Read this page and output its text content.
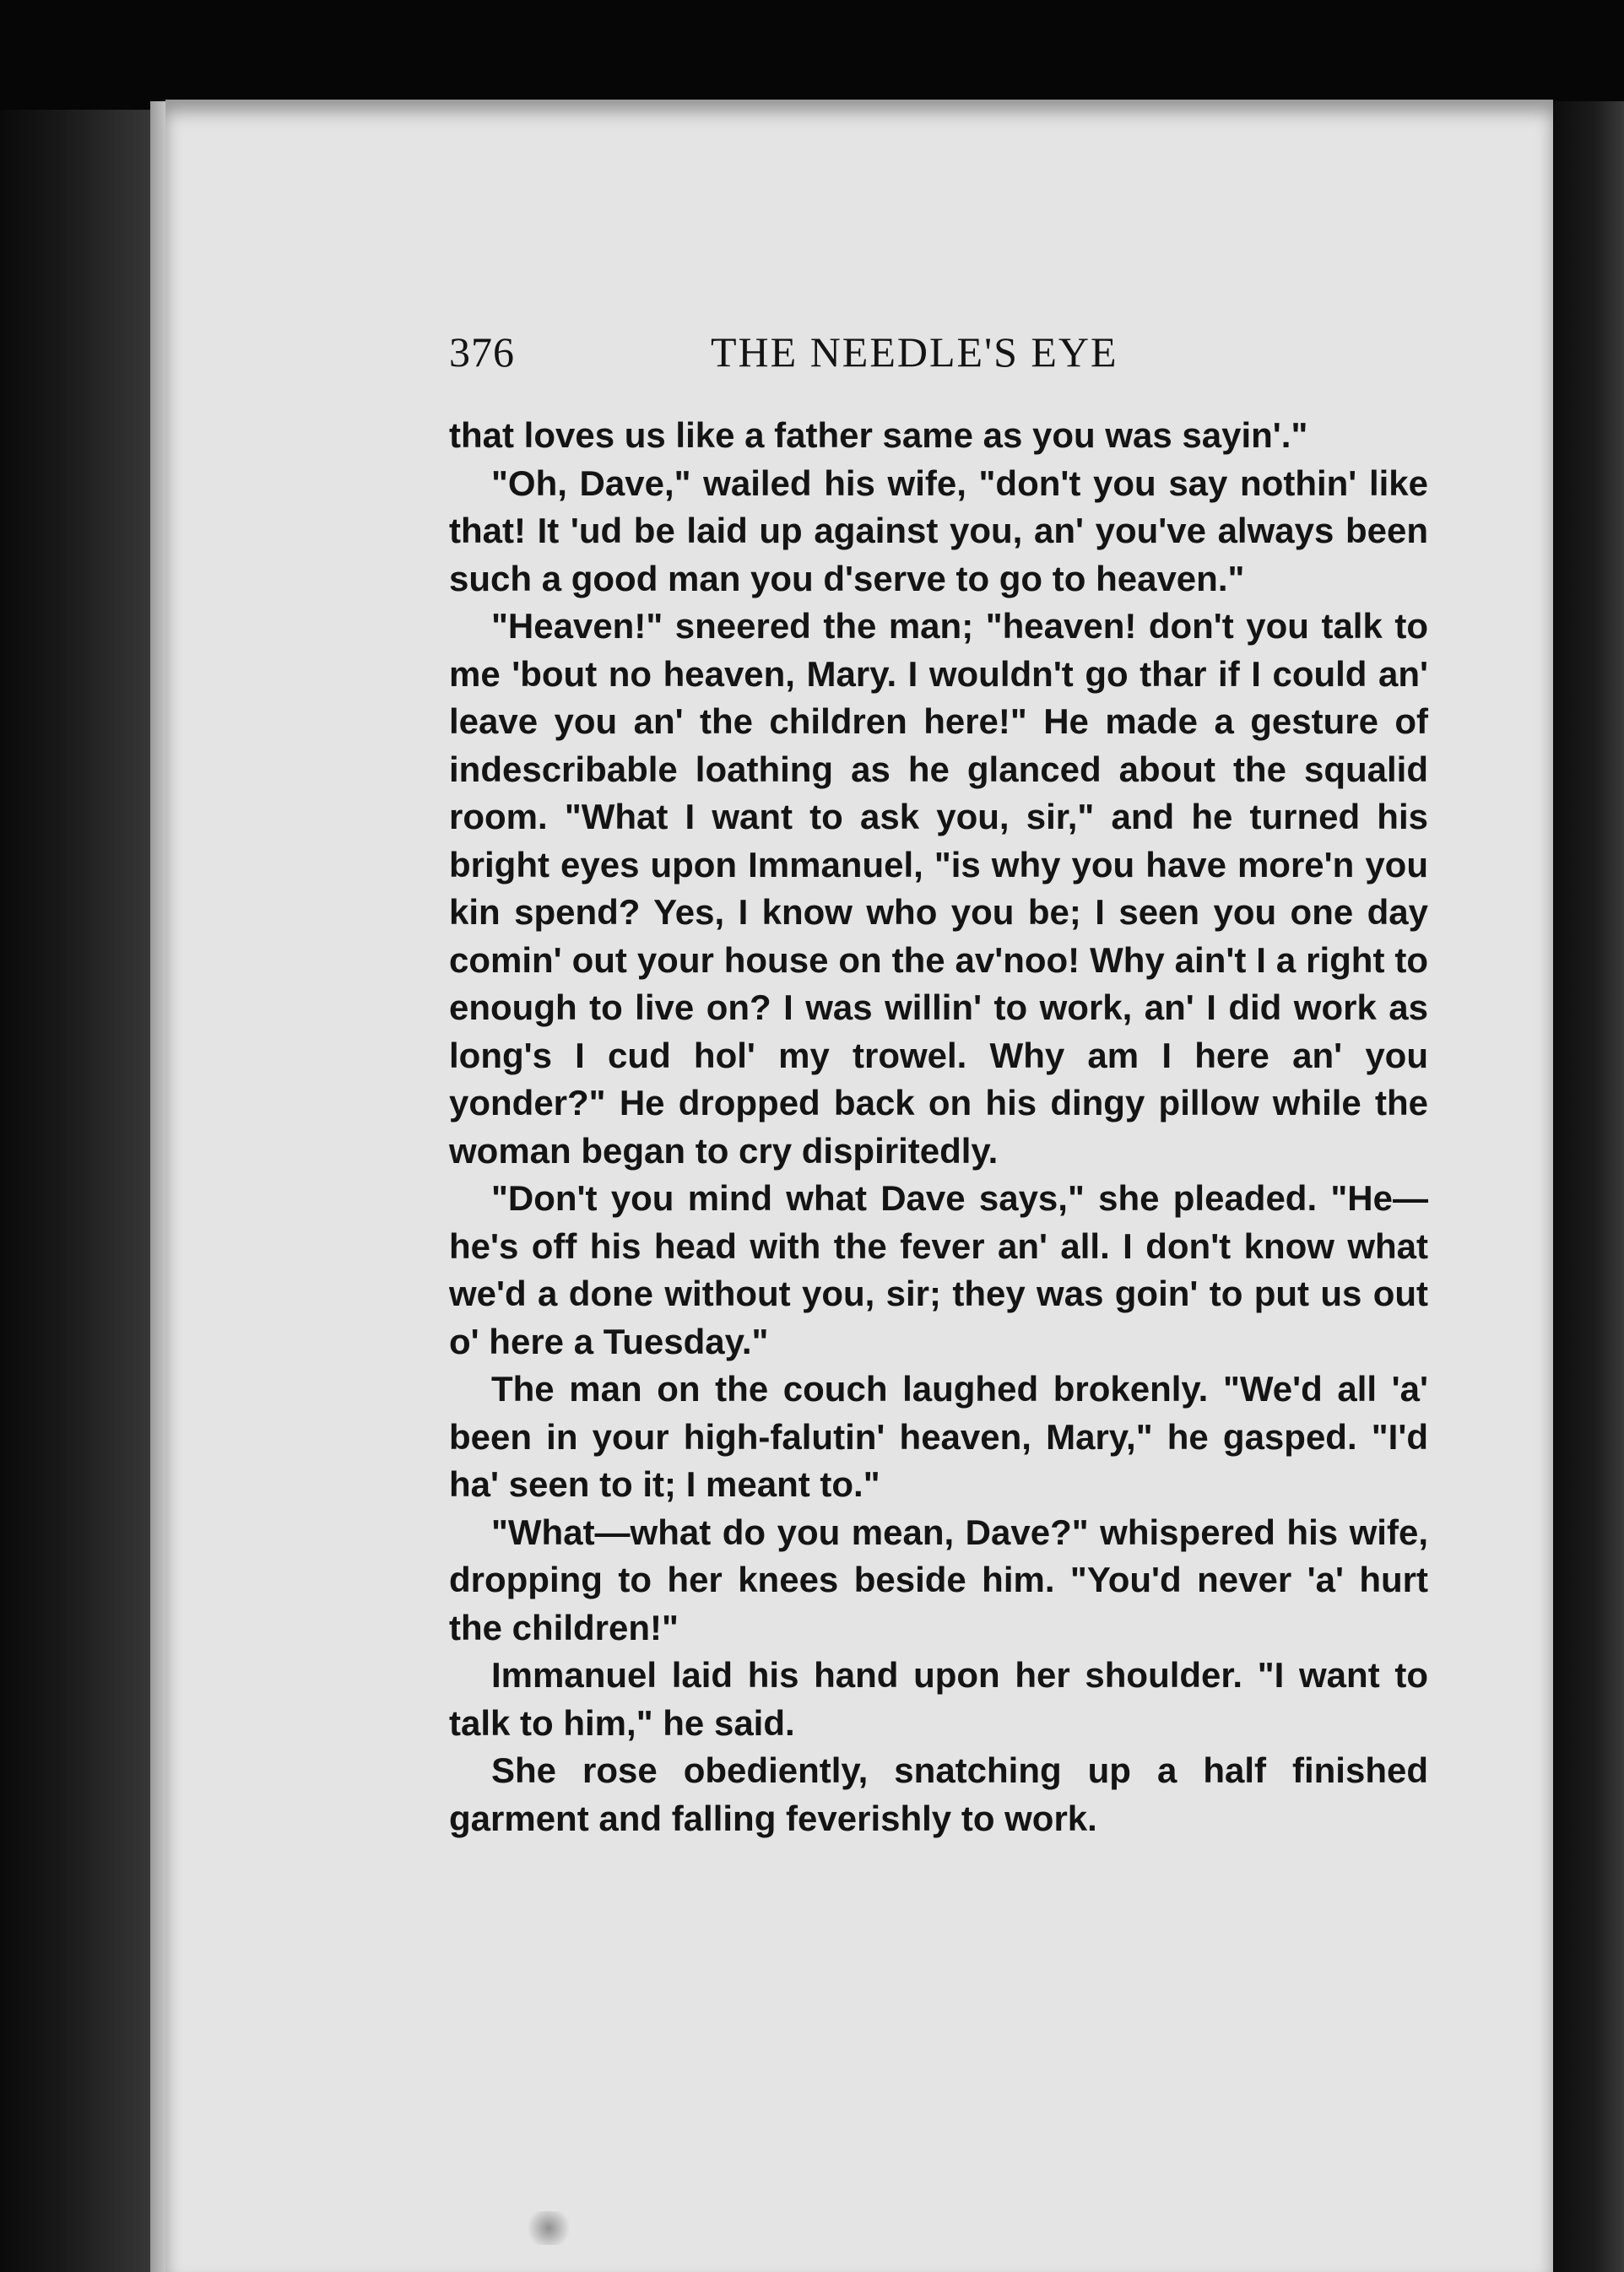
376	THE NEEDLE'S EYE

that loves us like a father same as you was sayin'."

"Oh, Dave," wailed his wife, "don't you say nothin' like that! It 'ud be laid up against you, an' you've always been such a good man you d'serve to go to heaven."

"Heaven!" sneered the man; "heaven! don't you talk to me 'bout no heaven, Mary. I wouldn't go thar if I could an' leave you an' the children here!" He made a gesture of indescribable loathing as he glanced about the squalid room. "What I want to ask you, sir," and he turned his bright eyes upon Immanuel, "is why you have more'n you kin spend? Yes, I know who you be; I seen you one day comin' out your house on the av'noo! Why ain't I a right to enough to live on? I was willin' to work, an' I did work as long's I cud hol' my trowel. Why am I here an' you yonder?" He dropped back on his dingy pillow while the woman began to cry dispiritedly.

"Don't you mind what Dave says," she pleaded. "He—he's off his head with the fever an' all. I don't know what we'd a done without you, sir; they was goin' to put us out o' here a Tuesday."

The man on the couch laughed brokenly. "We'd all 'a' been in your high-falutin' heaven, Mary," he gasped. "I'd ha' seen to it; I meant to."

"What—what do you mean, Dave?" whispered his wife, dropping to her knees beside him. "You'd never 'a' hurt the children!"

Immanuel laid his hand upon her shoulder. "I want to talk to him," he said.

She rose obediently, snatching up a half finished garment and falling feverishly to work.
